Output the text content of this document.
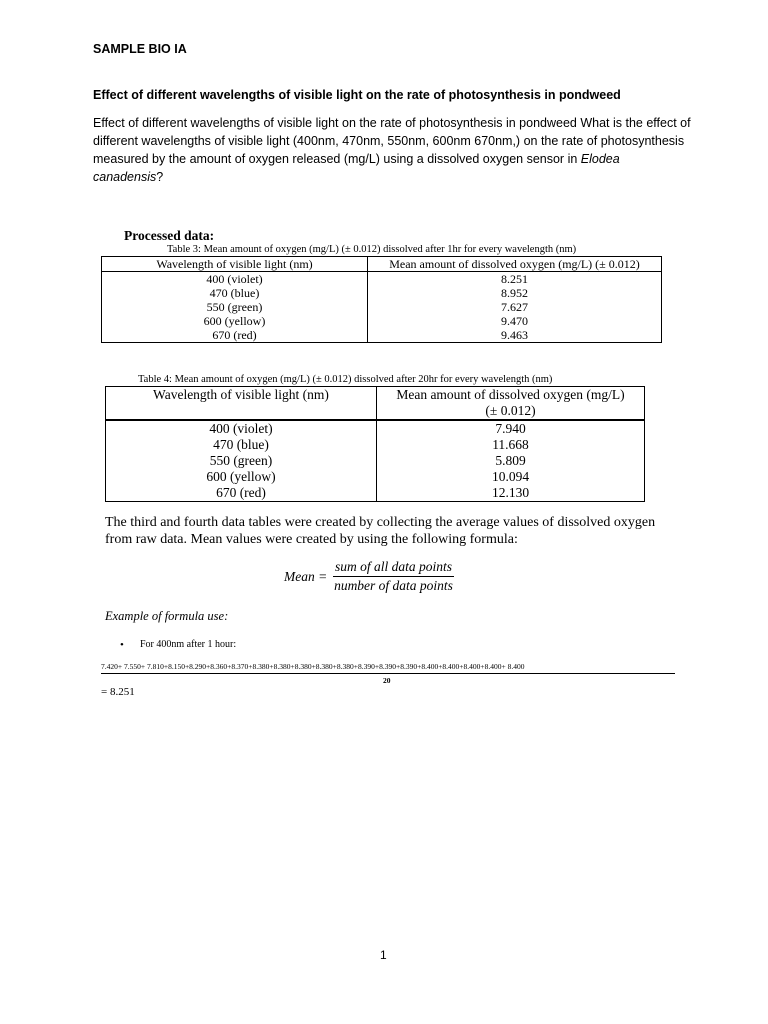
SAMPLE BIO IA
Effect of different wavelengths of visible light on the rate of photosynthesis in pondweed
Effect of different wavelengths of visible light on the rate of photosynthesis in pondweed What is the effect of different wavelengths of visible light (400nm, 470nm, 550nm, 600nm 670nm,) on the rate of photosynthesis measured by the amount of oxygen released (mg/L) using a dissolved oxygen sensor in Elodea canadensis?
Processed data:
Table 3: Mean amount of oxygen (mg/L) (± 0.012) dissolved after 1hr for every wavelength (nm)
Wavelength of visible light (nm)	Mean amount of dissolved oxygen (mg/L) (± 0.012)
400 (violet)	8.251
470 (blue)	8.952
550 (green)	7.627
600 (yellow)	9.470
670 (red)	9.463
Table 4: Mean amount of oxygen (mg/L) (± 0.012) dissolved after 20hr for every wavelength (nm)
Wavelength of visible light (nm)	Mean amount of dissolved oxygen (mg/L)
(± 0.012)

400 (violet)	7.940
470 (blue)	11.668
550 (green)	5.809
600 (yellow)	10.094
670 (red)	12.130
The third and fourth data tables were created by collecting the average values of dissolved oxygen from raw data. Mean values were created by using the following formula:
Mean =
sum of all data points
number of data points
Example of formula use:
• For 400nm after 1 hour:
7.420+ 7.550+ 7.810+8.150+8.290+8.360+8.370+8.380+8.380+8.380+8.380+8.380+8.390+8.390+8.390+8.400+8.400+8.400+8.400+ 8.400
20
= 8.251
1
